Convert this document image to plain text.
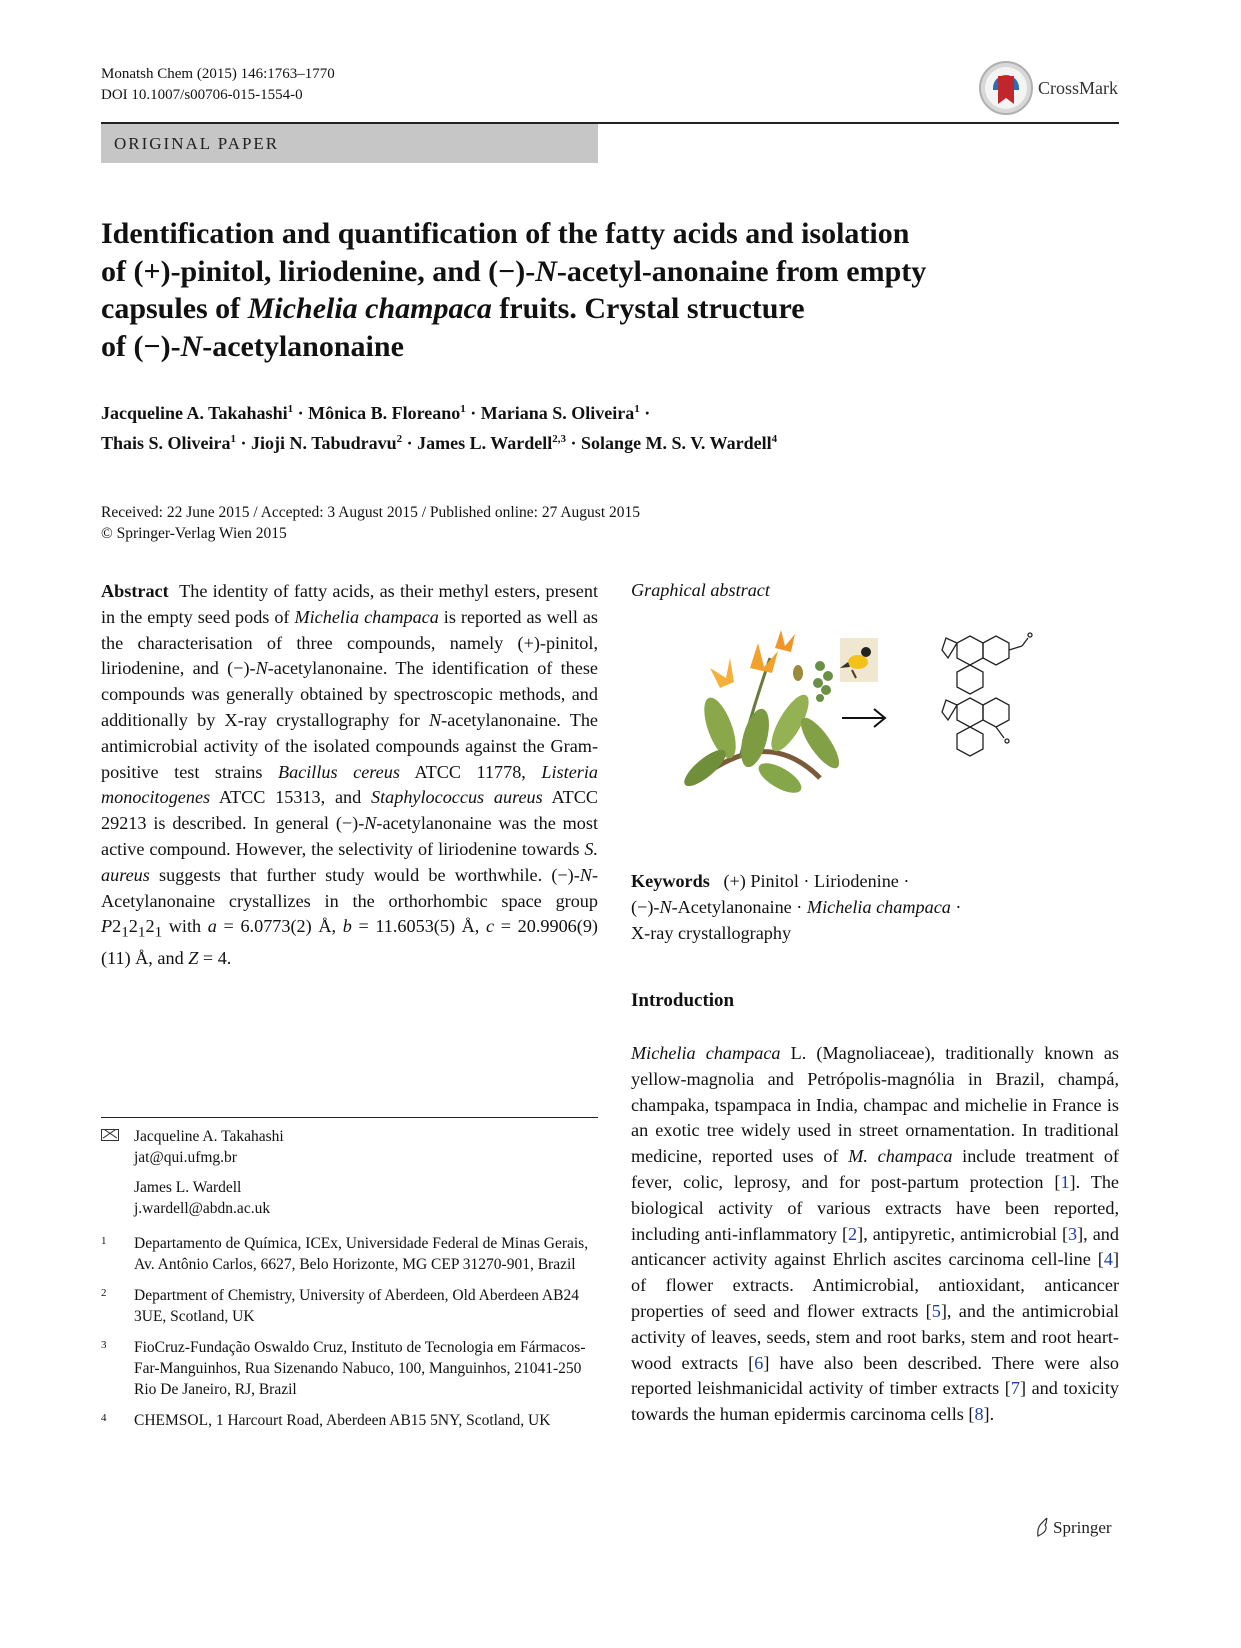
Monatsh Chem (2015) 146:1763–1770
DOI 10.1007/s00706-015-1554-0	CrossMark
ORIGINAL PAPER
Identification and quantification of the fatty acids and isolation
of (+)-pinitol, liriodenine, and (−)-N-acetyl-anonaine from empty
capsules of Michelia champaca fruits. Crystal structure
of (−)-N-acetylanonaine
Jacqueline A. Takahashi$^1$ · Mônica B. Floreano$^1$ · Mariana S. Oliveira$^1$ ·
Thais S. Oliveira$^1$ · Jioji N. Tabudravu$^2$ · James L. Wardell$^{2,3}$ · Solange M. S. V. Wardell$^4$
Received: 22 June 2015 / Accepted: 3 August 2015 / Published online: 27 August 2015
© Springer-Verlag Wien 2015
Abstract The identity of fatty acids, as their methyl esters, present in the empty seed pods of Michelia champaca is reported as well as the characterisation of three compounds, namely (+)-pinitol, liriodenine, and (−)-N-acetylanonaine. The identification of these compounds was generally obtained by spectroscopic methods, and additionally by X-ray crystallography for N-acetylanonaine. The antimicrobial activity of the isolated compounds against the Gram-positive test strains Bacillus cereus ATCC 11778, Listeria monocitogenes ATCC 15313, and Staphylococcus aureus ATCC 29213 is described. In general (−)-N-acetylanonaine was the most active compound. However, the selectivity of liriodenine towards S. aureus suggests that further study would be worthwhile. (−)-N-Acetylanonaine crystallizes in the orthorhombic space group $P2_12_12_1$ with a = 6.0773(2) Å, b = 11.6053(5) Å, c = 20.9906(9) (11) Å, and Z = 4.
Jacqueline A. Takahashi
jat@qui.ufmg.br
James L. Wardell
j.wardell@abdn.ac.uk
1 Departamento de Química, ICEx, Universidade Federal de Minas Gerais, Av. Antônio Carlos, 6627, Belo Horizonte, MG CEP 31270-901, Brazil
2 Department of Chemistry, University of Aberdeen, Old Aberdeen AB24 3UE, Scotland, UK
3 FioCruz-Fundação Oswaldo Cruz, Instituto de Tecnologia em Fármacos-Far-Manguinhos, Rua Sizenando Nabuco, 100, Manguinhos, 21041-250 Rio De Janeiro, RJ, Brazil
4 CHEMSOL, 1 Harcourt Road, Aberdeen AB15 5NY, Scotland, UK
Graphical abstract
Keywords (+) Pinitol · Liriodenine ·
(−)-N-Acetylanonaine · Michelia champaca ·
X-ray crystallography
Introduction
Michelia champaca L. (Magnoliaceae), traditionally known as yellow-magnolia and Petrópolis-magnólia in Brazil, champá, champaka, tspampaca in India, champac and michelie in France is an exotic tree widely used in street ornamentation. In traditional medicine, reported uses of M. champaca include treatment of fever, colic, leprosy, and for post-partum protection [1]. The biological activity of various extracts have been reported, including anti-inflammatory [2], antipyretic, antimicrobial [3], and anticancer activity against Ehrlich ascites carcinoma cell-line [4] of flower extracts. Antimicrobial, antioxidant, anticancer properties of seed and flower extracts [5], and the antimicrobial activity of leaves, seeds, stem and root barks, stem and root heart-wood extracts [6] have also been described. There were also reported leishmanicidal activity of timber extracts [7] and toxicity towards the human epidermis carcinoma cells [8].
Springer
